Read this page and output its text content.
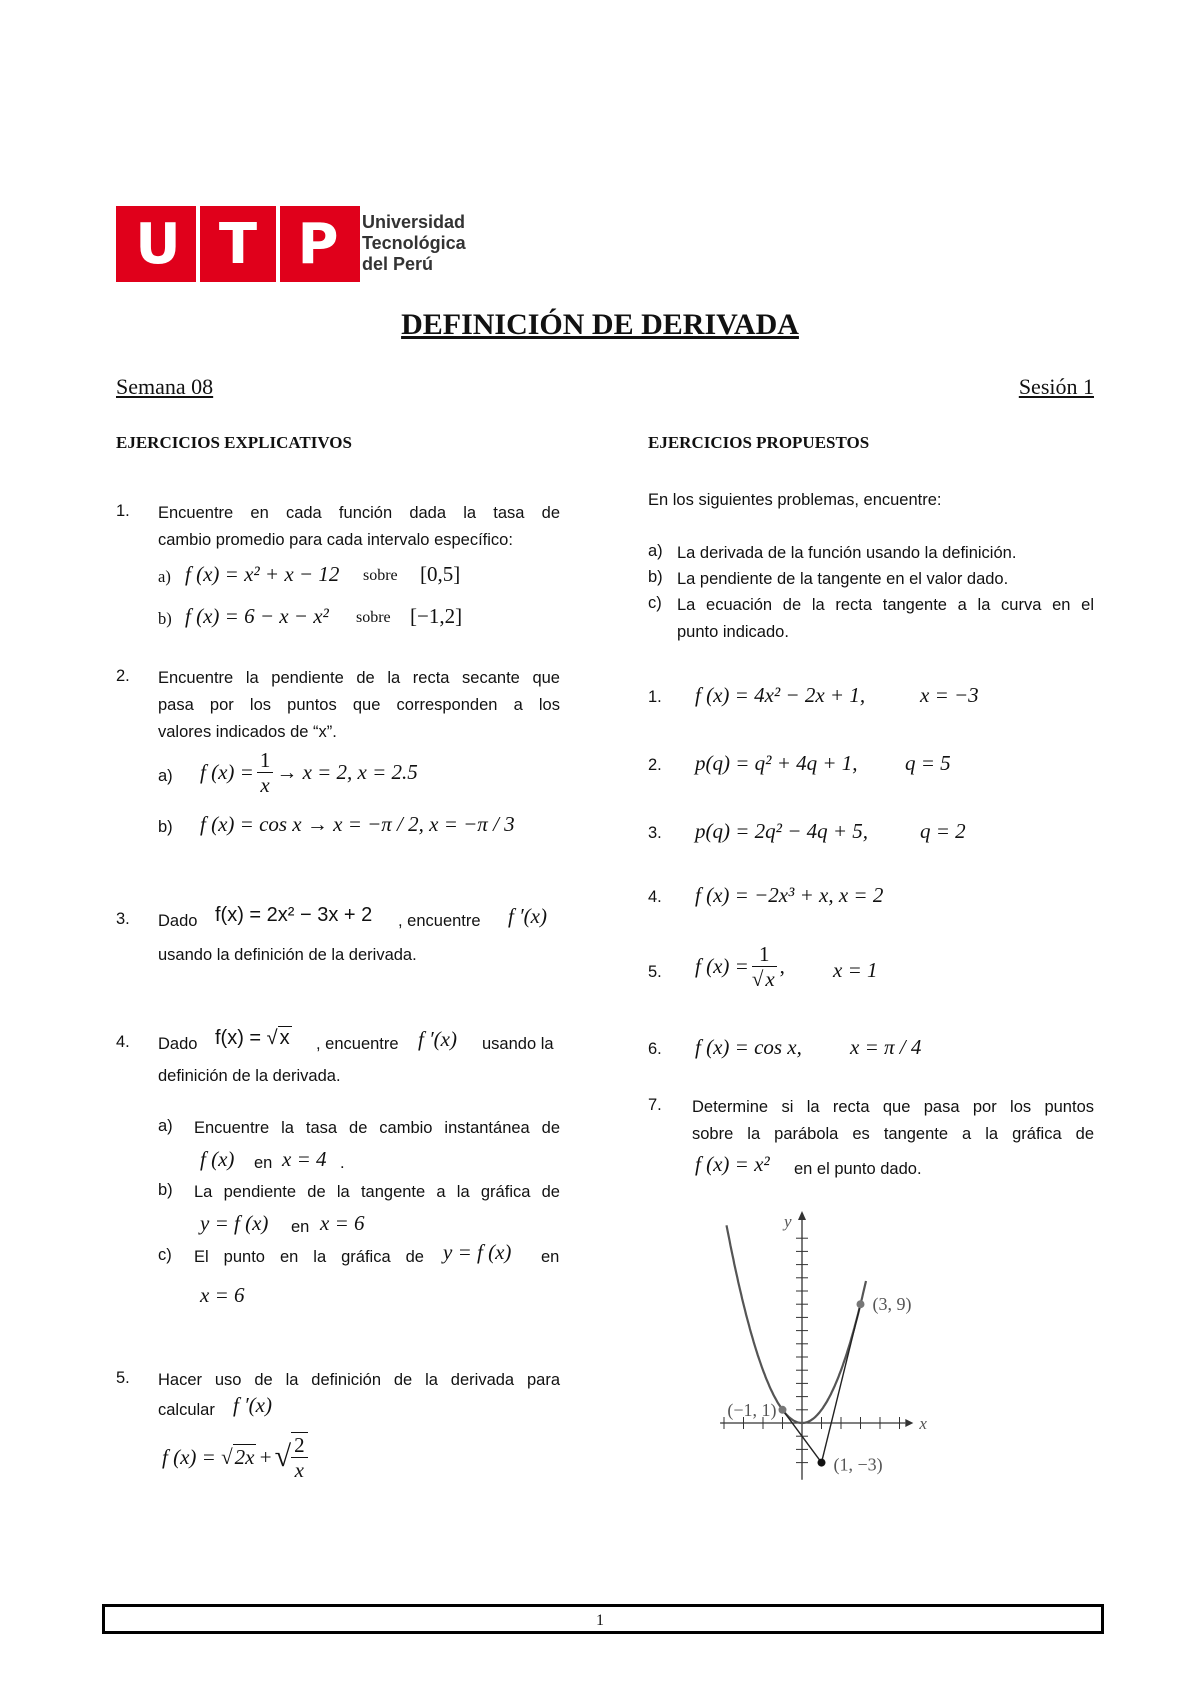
U T P	Universidad
Tecnológica
del Perú
DEFINICIÓN DE DERIVADA
Semana 08	Sesión 1
EJERCICIOS EXPLICATIVOS
1. Encuentre en cada función dada la tasa de
cambio promedio para cada intervalo específico:
a) f (x) = x² + x − 12 sobre [0,5]
b) f (x) = 6 − x − x² sobre [−1,2]
2. Encuentre la pendiente de la recta secante que
pasa por los puntos que corresponden a los
valores indicados de “x”.
a) f $(x) = \frac{1}{x} \to x = 2$, x = 2.5
b) f (x) = cos x → x = −π / 2, x = −π / 3
3. Dado f(x) = 2x² − 3x + 2 , encuentre f ′(x)
usando la definición de la derivada.
4. Dado f(x) = √ x , encuentre f ′(x) usando la
definición de la derivada.
a) Encuentre la tasa de cambio instantánea de
f (x) en x = 4 .
b) La pendiente de la tangente a la gráfica de
y = f (x) en x = 6
c) El punto en la gráfica de y = f (x) en
x = 6
5. Hacer uso de la definición de la derivada para
calcular f ′(x)
f (x) = √ 2x + √ $\frac{2}{x}$
EJERCICIOS PROPUESTOS
En los siguientes problemas, encuentre:
a) La derivada de la función usando la definición.
b) La pendiente de la tangente en el valor dado.
c) La ecuación de la recta tangente a la curva en el
punto indicado.
1. f (x) = 4x² − 2x + 1,	x = −3
2. p(q) = q² + 4q + 1, q = 5
3. p(q) = 2q² − 4q + 5, q = 2
4. f (x) = −2x³ + x, x = 2
5. f $(x) = \frac{1}{√x}$ , x = 1
6. f (x) = cos x, x = π / 4
7. Determine si la recta que pasa por los puntos
sobre la parábola es tangente a la gráfica de
f (x) = x² en el punto dado.
(3, 9)
(−1, 1)
(1, −3)
y
x
1
